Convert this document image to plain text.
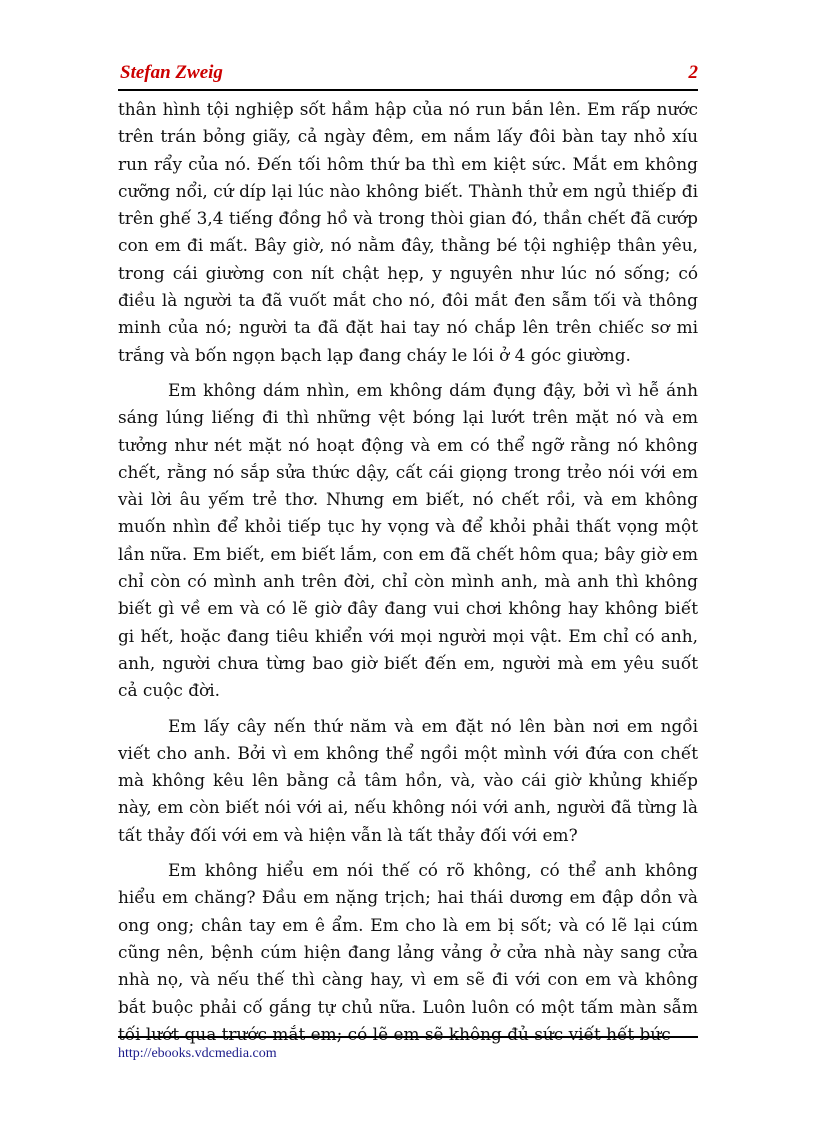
Stefan Zweig	2

thân hình tội nghiệp sốt hầm hập của nó run bắn lên. Em rấp nước trên trán bỏng giãy, cả ngày đêm, em nắm lấy đôi bàn tay nhỏ xíu run rẩy của nó. Đến tối hôm thứ ba thì em kiệt sức. Mắt em không cưỡng nổi, cứ díp lại lúc nào không biết. Thành thử em ngủ thiếp đi trên ghế 3,4 tiếng đồng hồ và trong thòi gian đó, thần chết đã cướp con em đi mất. Bây giờ, nó nằm đây, thằng bé tội nghiệp thân yêu, trong cái giường con nít chật hẹp, y nguyên như lúc nó sống; có điều là người ta đã vuốt mắt cho nó, đôi mắt đen sẫm tối và thông minh của nó; người ta đã đặt hai tay nó chắp lên trên chiếc sơ mi trắng và bốn ngọn bạch lạp đang cháy le lói ở 4 góc giường.

Em không dám nhìn, em không dám đụng đậy, bởi vì hễ ánh sáng lúng liếng đi thì những vệt bóng lại lướt trên mặt nó và em tưởng như nét mặt nó hoạt động và em có thể ngỡ rằng nó không chết, rằng nó sắp sửa thức dậy, cất cái giọng trong trẻo nói với em vài lời âu yếm trẻ thơ. Nhưng em biết, nó chết rồi, và em không muốn nhìn để khỏi tiếp tục hy vọng và để khỏi phải thất vọng một lần nữa. Em biết, em biết lắm, con em đã chết hôm qua; bây giờ em chỉ còn có mình anh trên đời, chỉ còn mình anh, mà anh thì không biết gì về em và có lẽ giờ đây đang vui chơi không hay không biết gi hết, hoặc đang tiêu khiển với mọi người mọi vật. Em chỉ có anh, anh, người chưa từng bao giờ biết đến em, người mà em yêu suốt cả cuộc đời.

Em lấy cây nến thứ năm và em đặt nó lên bàn nơi em ngồi viết cho anh. Bởi vì em không thể ngồi một mình với đứa con chết mà không kêu lên bằng cả tâm hồn, và, vào cái giờ khủng khiếp này, em còn biết nói với ai, nếu không nói với anh, người đã từng là tất thảy đối với em và hiện vẫn là tất thảy đối với em?

Em không hiểu em nói thế có rõ không, có thể anh không hiểu em chăng? Đầu em nặng trịch; hai thái dương em đập dồn và ong ong; chân tay em ê ẩm. Em cho là em bị sốt; và có lẽ lại cúm cũng nên, bệnh cúm hiện đang lảng vảng ở cửa nhà này sang cửa nhà nọ, và nếu thế thì càng hay, vì em sẽ đi với con em và không bắt buộc phải cố gắng tự chủ nữa. Luôn luôn có một tấm màn sẫm tối lướt qua trước mắt em; có lẽ em sẽ không đủ sức viết hết bức

http://ebooks.vdcmedia.com
